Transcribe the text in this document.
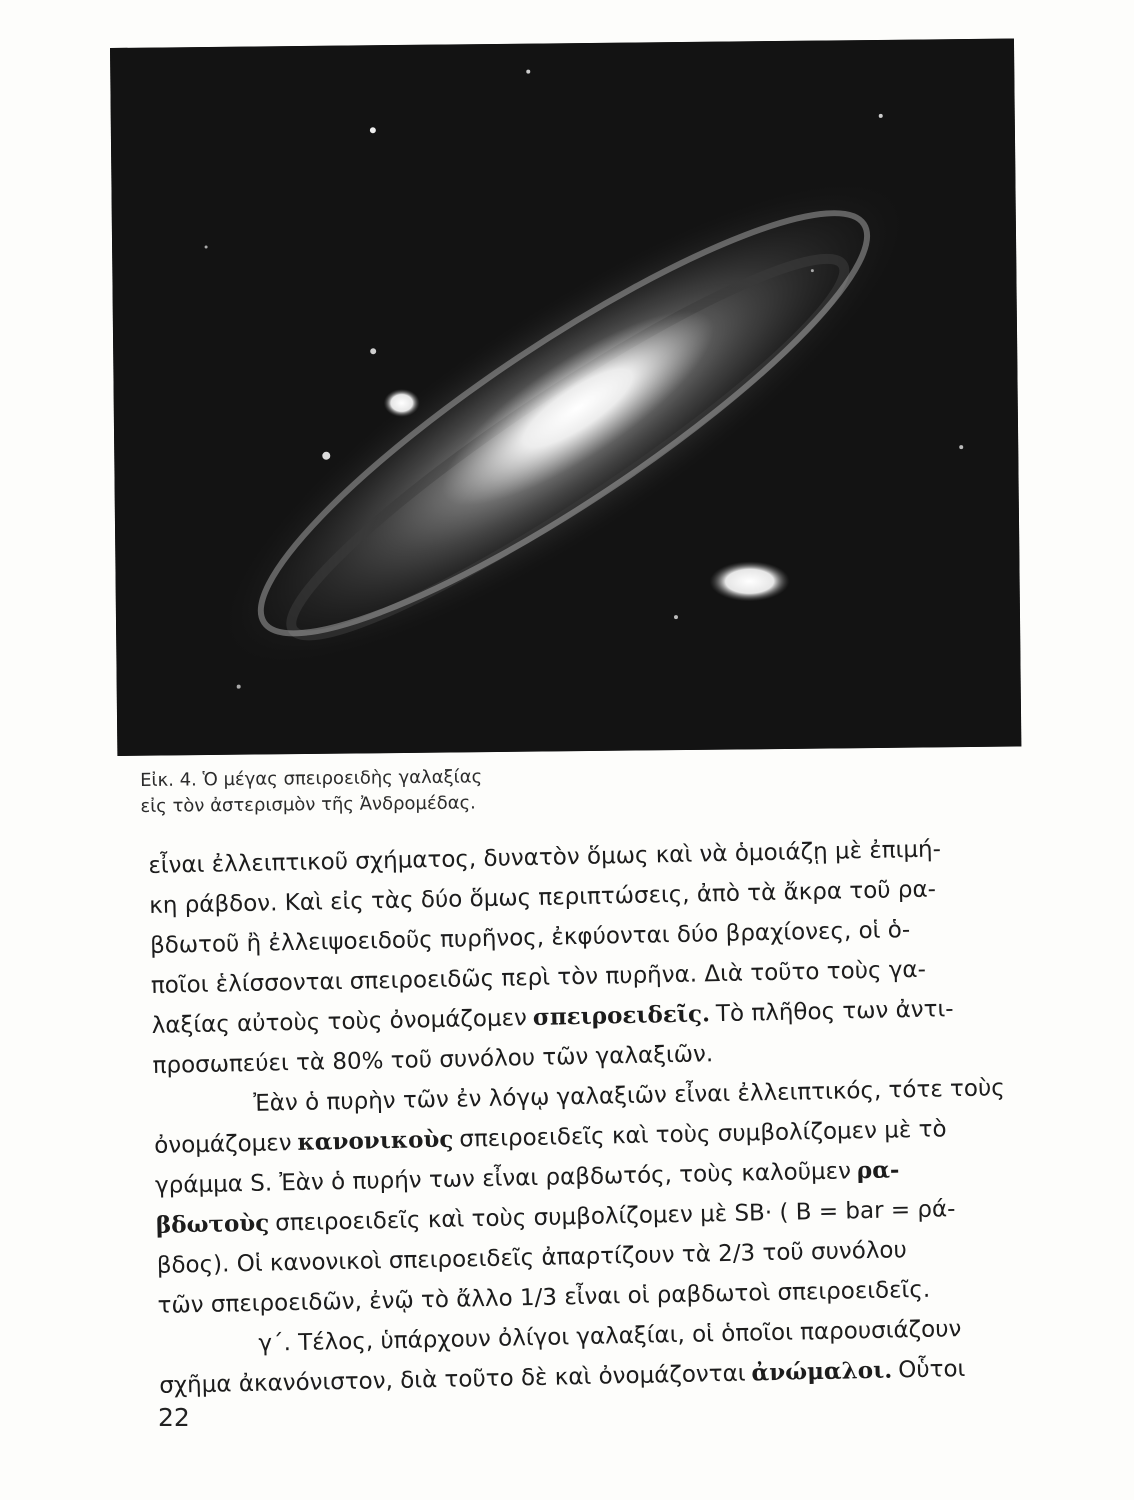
Εἰκ. 4. Ὁ μέγας σπειροειδὴς γαλαξίας
εἰς τὸν ἀστερισμὸν τῆς Ἀνδρομέδας.
εἶναι ἐλλειπτικοῦ σχήματος, δυνατὸν ὅμως καὶ νὰ ὁμοιάζῃ μὲ ἐπιμή-
κη ράβδον. Καὶ εἰς τὰς δύο ὅμως περιπτώσεις, ἀπὸ τὰ ἄκρα τοῦ ρα-
βδωτοῦ ἢ ἐλλειψοειδοῦς πυρῆνος, ἐκφύονται δύο βραχίονες, οἱ ὁ-
ποῖοι ἑλίσσονται σπειροειδῶς περὶ τὸν πυρῆνα. Διὰ τοῦτο τοὺς γα-
λαξίας αὐτοὺς τοὺς ὀνομάζομεν σπειροειδεῖς. Τὸ πλῆθος των ἀντι-
προσωπεύει τὰ 80% τοῦ συνόλου τῶν γαλαξιῶν.
Ἐὰν ὁ πυρὴν τῶν ἐν λόγῳ γαλαξιῶν εἶναι ἐλλειπτικός, τότε τοὺς
ὀνομάζομεν κανονικοὺς σπειροειδεῖς καὶ τοὺς συμβολίζομεν μὲ τὸ
γράμμα S. Ἐὰν ὁ πυρήν των εἶναι ραβδωτός, τοὺς καλοῦμεν ρα-
βδωτοὺς σπειροειδεῖς καὶ τοὺς συμβολίζομεν μὲ SB· ( B = bar = ρά-
βδος). Οἱ κανονικοὶ σπειροειδεῖς ἀπαρτίζουν τὰ 2/3 τοῦ συνόλου
τῶν σπειροειδῶν, ἐνῷ τὸ ἄλλο 1/3 εἶναι οἱ ραβδωτοὶ σπειροειδεῖς.
γ΄. Τέλος, ὑπάρχουν ὀλίγοι γαλαξίαι, οἱ ὁποῖοι παρουσιάζουν
σχῆμα ἀκανόνιστον, διὰ τοῦτο δὲ καὶ ὀνομάζονται ἀνώμαλοι. Οὗτοι
22
